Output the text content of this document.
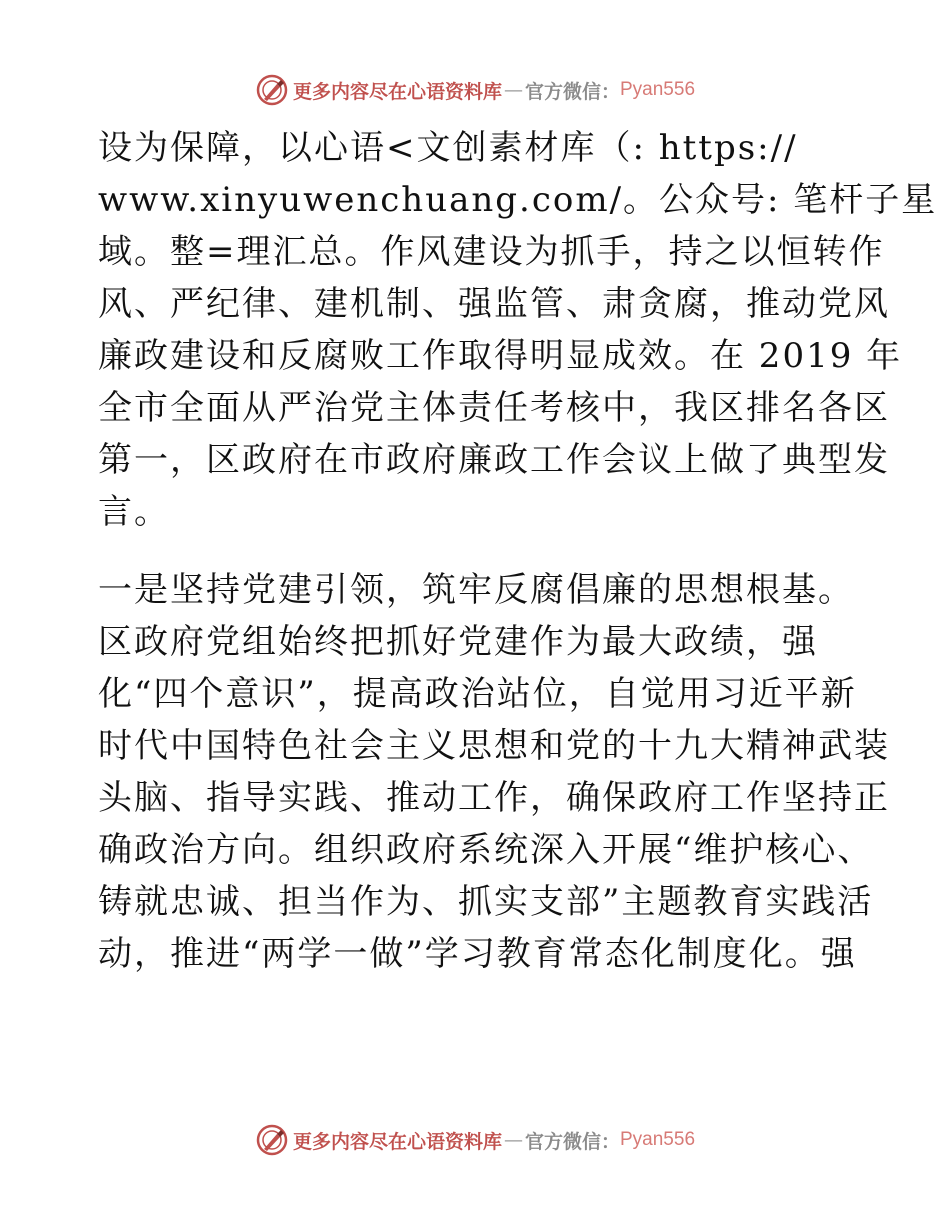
更多内容尽在心语资料库 — 官方微信： Pyan556
设为保障，以心语<文创素材库（: https://
www.xinyuwenchuang.com/。公众号: 笔杆子星
域。整=理汇总。作风建设为抓手，持之以恒转作
风、严纪律、建机制、强监管、肃贪腐，推动党风
廉政建设和反腐败工作取得明显成效。在 2019 年
全市全面从严治党主体责任考核中，我区排名各区
第一，区政府在市政府廉政工作会议上做了典型发
言。
一是坚持党建引领，筑牢反腐倡廉的思想根基。
区政府党组始终把抓好党建作为最大政绩，强
化“四个意识”，提高政治站位，自觉用习近平新
时代中国特色社会主义思想和党的十九大精神武装
头脑、指导实践、推动工作，确保政府工作坚持正
确政治方向。组织政府系统深入开展“维护核心、
铸就忠诚、担当作为、抓实支部”主题教育实践活
动，推进“两学一做”学习教育常态化制度化。强
更多内容尽在心语资料库 — 官方微信： Pyan556
